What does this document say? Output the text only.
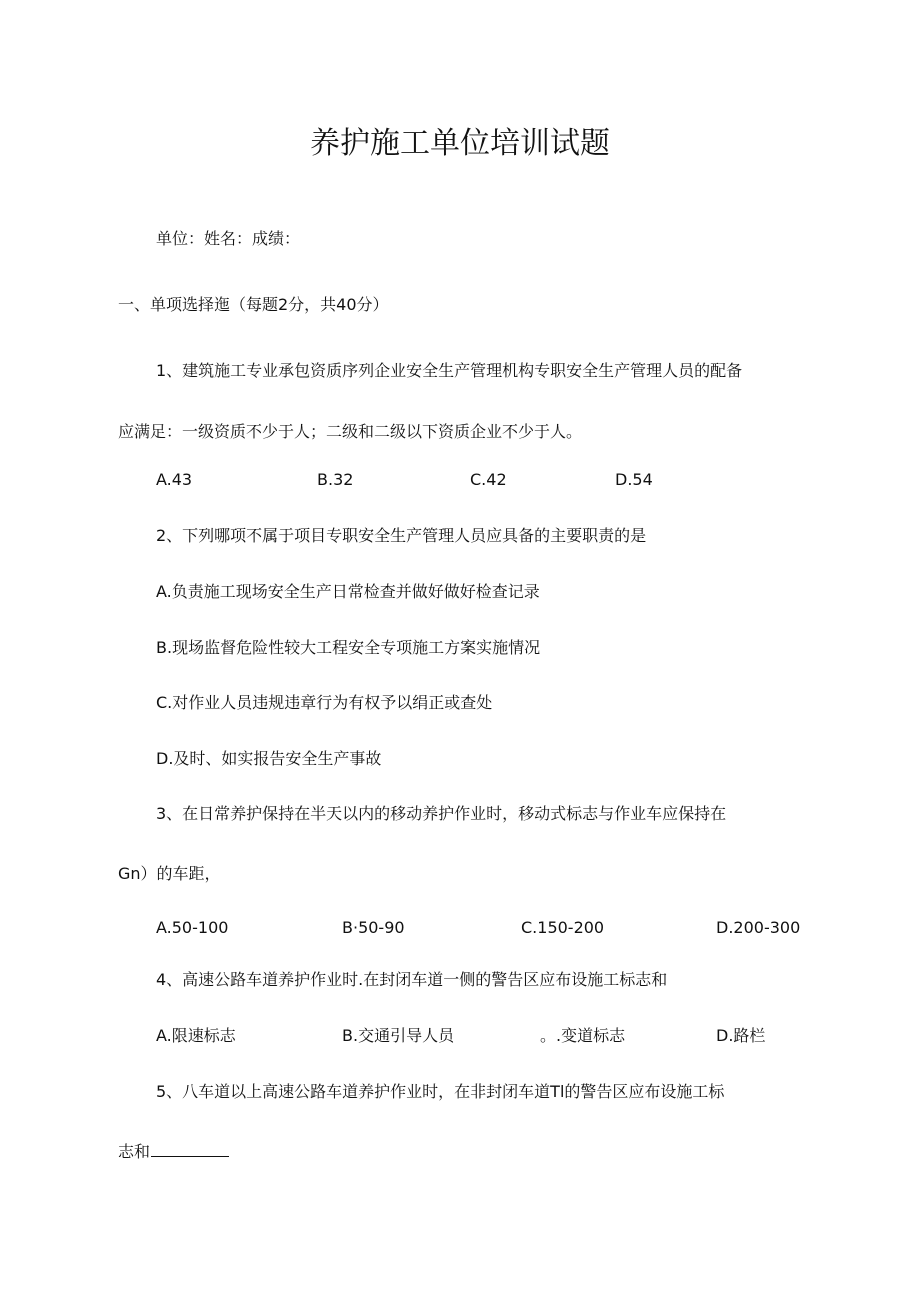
养护施工单位培训试题
单位：姓名：成绩：
一、单项选择迤（每题2分，共40分）
1、建筑施工专业承包资质序列企业安全生产管理机构专职安全生产管理人员的配备
应满足：一级资质不少于人；二级和二级以下资质企业不少于人。
A.43	B.32	C.42	D.54
2、下列哪项不属于项目专职安全生产管理人员应具备的主要职责的是
A.负责施工现场安全生产日常检查并做好做好检查记录
B.现场监督危险性较大工程安全专项施工方案实施情况
C.对作业人员违规违章行为有权予以绢正或查处
D.及时、如实报告安全生产事故
3、在日常养护保持在半天以内的移动养护作业时，移动式标志与作业车应保持在
Gn）的车距，
A.50-100	B·50-90	C.150-200	D.200-300
4、高速公路车道养护作业时.在封闭车道一侧的警告区应布设施工标志和
A.限速标志	B.交通引导人员	。.变道标志	D.路栏
5、八车道以上高速公路车道养护作业时，在非封闭车道Tl的警告区应布设施工标
志和
